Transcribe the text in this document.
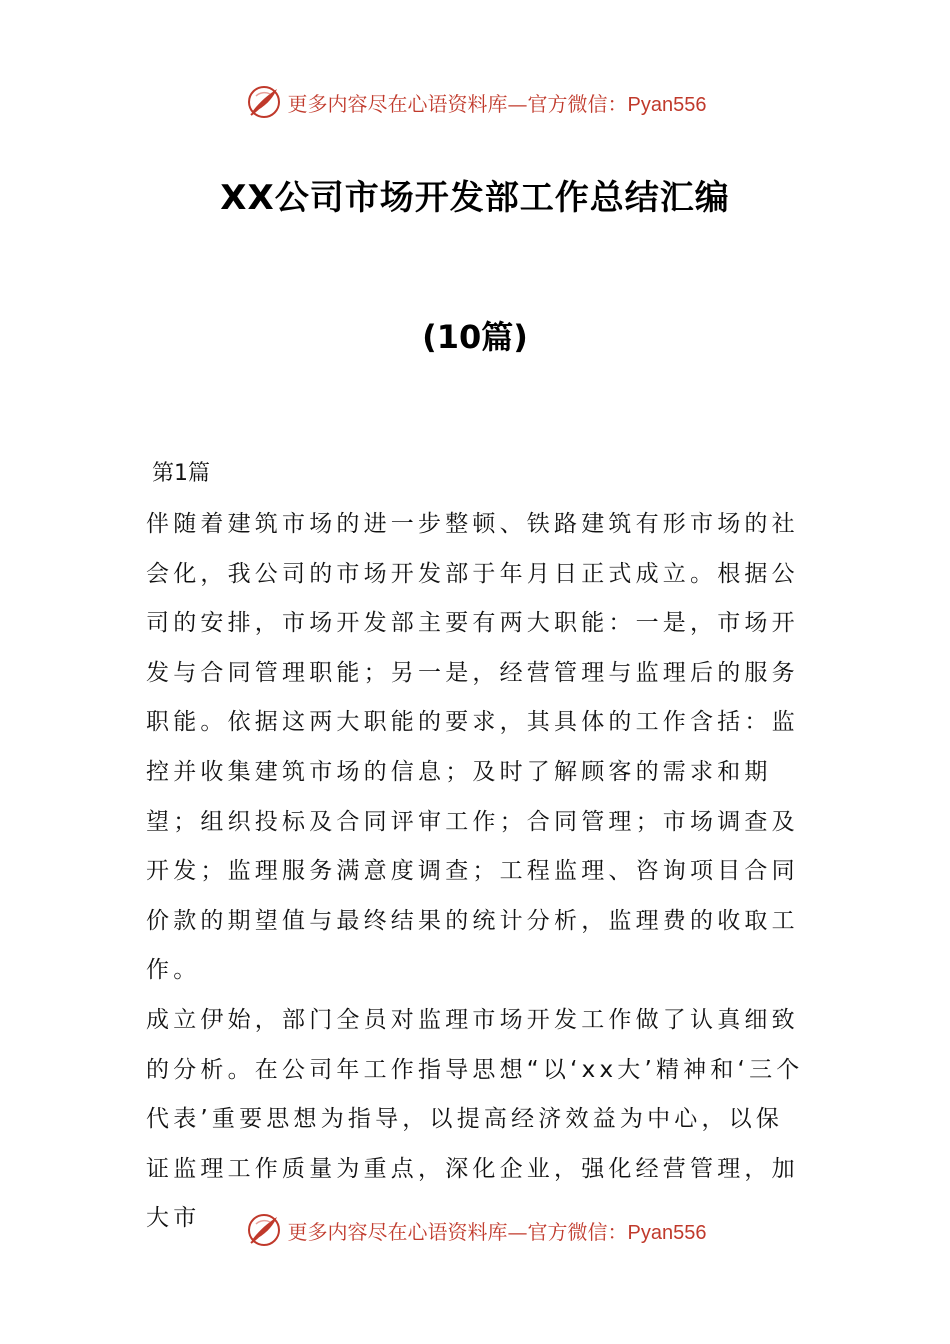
更多内容尽在心语资料库—官方微信：Pyan556
XX公司市场开发部工作总结汇编
(10篇)
第1篇

伴随着建筑市场的进一步整顿、铁路建筑有形市场的社会化，我公司的市场开发部于年月日正式成立。根据公司的安排，市场开发部主要有两大职能：一是，市场开发与合同管理职能；另一是，经营管理与监理后的服务职能。依据这两大职能的要求，其具体的工作含括：监控并收集建筑市场的信息；及时了解顾客的需求和期望；组织投标及合同评审工作；合同管理；市场调查及开发；监理服务满意度调查；工程监理、咨询项目合同价款的期望值与最终结果的统计分析，监理费的收取工作。

成立伊始，部门全员对监理市场开发工作做了认真细致的分析。在公司年工作指导思想“以‘xx大’精神和‘三个代表’重要思想为指导，以提高经济效益为中心，以保证监理工作质量为重点，深化企业，强化经营管理，加大市

更多内容尽在心语资料库—官方微信：Pyan556
